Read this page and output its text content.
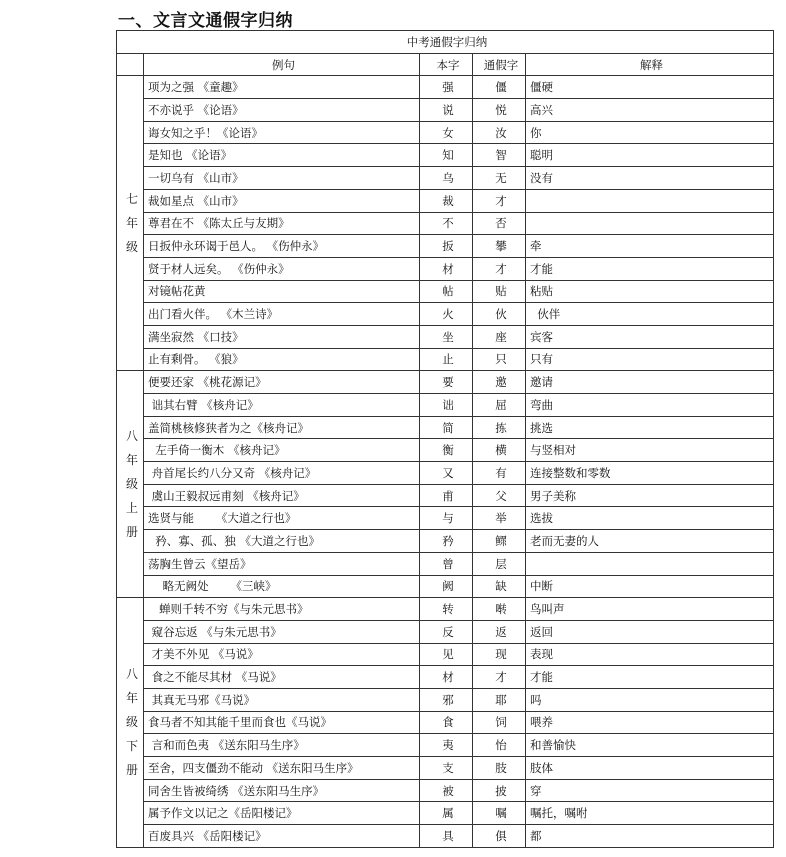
一、文言文通假字归纳
中考通假字归纳				
	例句	本字	通假字	解释

七
年
级	项为之强 《童趣》	强	僵	僵硬
	不亦说乎 《论语》	说	悦	高兴
	诲女知之乎！《论语》	女	汝	你
	是知也 《论语》	知	智	聪明
	一切乌有 《山市》	乌	无	没有
	裁如星点 《山市》	裁	才	
	尊君在不 《陈太丘与友期》	不	否	
	日扳仲永环谒于邑人。 《伤仲永》	扳	攀	牵
	贤于材人远矣。 《伤仲永》	材	才	才能
	对镜帖花黄	帖	贴	粘贴
	出门看火伴。 《木兰诗》	火	伙	伙伴
	满坐寂然 《口技》	坐	座	宾客
	止有剩骨。 《狼》	止	只	只有

八
年
级
上
册	便要还家 《桃花源记》	要	邀	邀请
	诎其右臂 《核舟记》	诎	屈	弯曲
	盖简桃核修狭者为之《核舟记》	简	拣	挑选
	左手倚一衡木 《核舟记》	衡	横	与竖相对
	舟首尾长约八分又奇 《核舟记》	又	有	连接整数和零数
	虞山王毅叔远甫刻 《核舟记》	甫	父	男子美称
	选贤与能      《大道之行也》	与	举	选拔
	矜、寡、孤、独 《大道之行也》	矜	鳏	老而无妻的人
	荡胸生曾云《望岳》	曾	层	
	略无阙处      《三峡》	阙	缺	中断

八
年
级
下
册	蝉则千转不穷《与朱元思书》	转	啭	鸟叫声
	窥谷忘返 《与朱元思书》	反	返	返回
	才美不外见 《马说》	见	现	表现
	食之不能尽其材 《马说》	材	才	才能
	其真无马邪《马说》	邪	耶	吗
	食马者不知其能千里而食也《马说》	食	饲	喂养
	言和而色夷 《送东阳马生序》	夷	怡	和善愉快
	至舍，四支僵劲不能动 《送东阳马生序》	支	肢	肢体
	同舍生皆被绮绣 《送东阳马生序》	被	披	穿
	属予作文以记之《岳阳楼记》	属	嘱	嘱托，嘱咐
	百废具兴 《岳阳楼记》	具	俱	都
